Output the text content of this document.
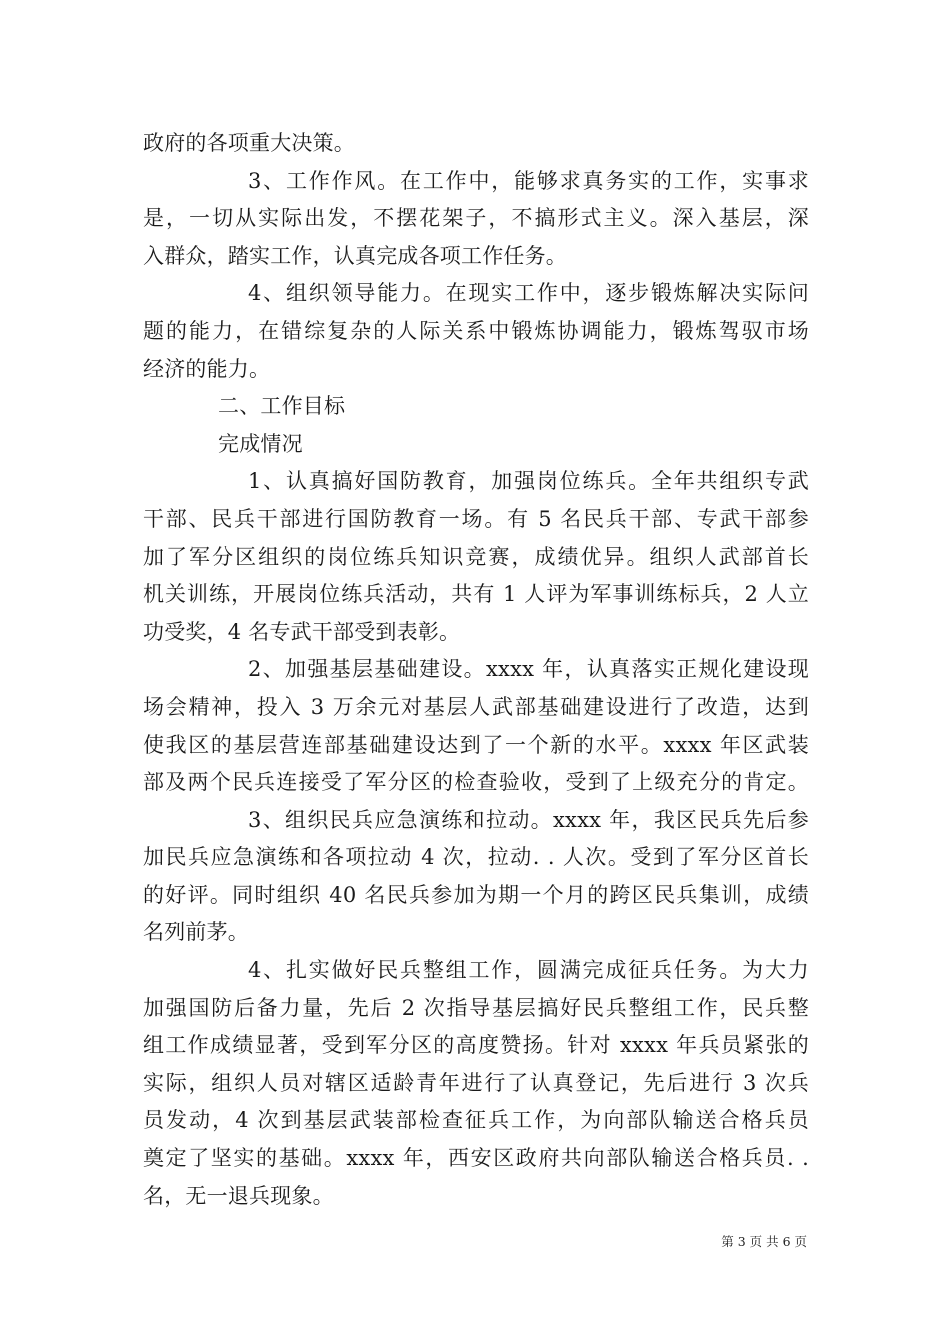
政府的各项重大决策。
3、工作作风。在工作中，能够求真务实的工作，实事求
是，一切从实际出发，不摆花架子，不搞形式主义。深入基层，深
入群众，踏实工作，认真完成各项工作任务。
4、组织领导能力。在现实工作中，逐步锻炼解决实际问
题的能力，在错综复杂的人际关系中锻炼协调能力，锻炼驾驭市场
经济的能力。
二、工作目标
完成情况
1、认真搞好国防教育，加强岗位练兵。全年共组织专武
干部、民兵干部进行国防教育一场。有 5 名民兵干部、专武干部参
加了军分区组织的岗位练兵知识竞赛，成绩优异。组织人武部首长
机关训练，开展岗位练兵活动，共有 1 人评为军事训练标兵，2 人立
功受奖，4 名专武干部受到表彰。
2、加强基层基础建设。xxxx 年，认真落实正规化建设现
场会精神，投入 3 万余元对基层人武部基础建设进行了改造，达到
使我区的基层营连部基础建设达到了一个新的水平。xxxx 年区武装
部及两个民兵连接受了军分区的检查验收，受到了上级充分的肯定。
3、组织民兵应急演练和拉动。xxxx 年，我区民兵先后参
加民兵应急演练和各项拉动 4 次，拉动. . 人次。受到了军分区首长
的好评。同时组织 40 名民兵参加为期一个月的跨区民兵集训，成绩
名列前茅。
4、扎实做好民兵整组工作，圆满完成征兵任务。为大力
加强国防后备力量，先后 2 次指导基层搞好民兵整组工作，民兵整
组工作成绩显著，受到军分区的高度赞扬。针对 xxxx 年兵员紧张的
实际，组织人员对辖区适龄青年进行了认真登记，先后进行 3 次兵
员发动，4 次到基层武装部检查征兵工作，为向部队输送合格兵员
奠定了坚实的基础。xxxx 年，西安区政府共向部队输送合格兵员. .
名，无一退兵现象。
第 3 页 共 6 页
